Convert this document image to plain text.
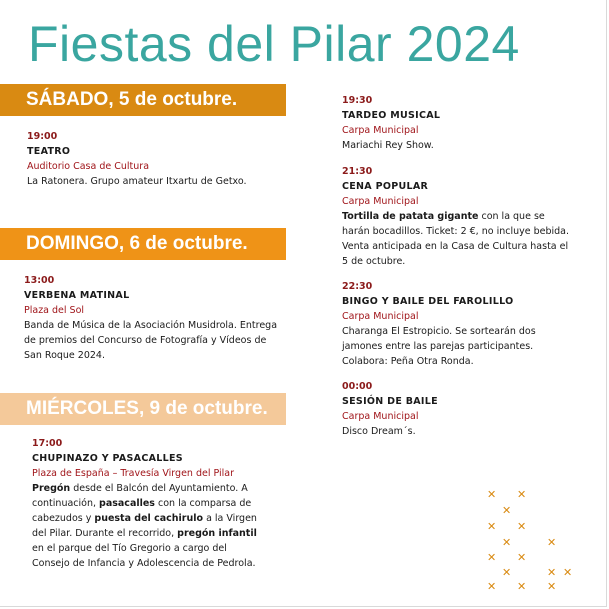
Fiestas del Pilar 2024
SÁBADO, 5 de octubre.
DOMINGO, 6 de octubre.
MIÉRCOLES, 9 de octubre.
19:00
TEATRO
Auditorio Casa de Cultura
La Ratonera. Grupo amateur Itxartu de Getxo.
13:00
VERBENA MATINAL
Plaza del Sol
Banda de Música de la Asociación Musidrola. Entrega de premios del Concurso de Fotografía y Vídeos de San Roque 2024.
17:00
CHUPINAZO Y PASACALLES
Plaza de España – Travesía Virgen del Pilar
Pregón desde el Balcón del Ayuntamiento. A continuación, pasacalles con la comparsa de cabezudos y puesta del cachirulo a la Virgen del Pilar. Durante el recorrido, pregón infantil en el parque del Tío Gregorio a cargo del Consejo de Infancia y Adolescencia de Pedrola.
19:30
TARDEO MUSICAL
Carpa Municipal
Mariachi Rey Show.
21:30
CENA POPULAR
Carpa Municipal
Tortilla de patata gigante con la que se harán bocadillos. Ticket: 2 €, no incluye bebida. Venta anticipada en la Casa de Cultura hasta el 5 de octubre.
22:30
BINGO Y BAILE DEL FAROLILLO
Carpa Municipal
Charanga El Estropicio. Se sortearán dos jamones entre las parejas participantes. Colabora: Peña Otra Ronda.
00:00
SESIÓN DE BAILE
Carpa Municipal
Disco Dream´s.
✕ ✕
✕
✕ ✕
✕	✕
✕ ✕
✕	✕ ✕
✕ ✕ ✕
